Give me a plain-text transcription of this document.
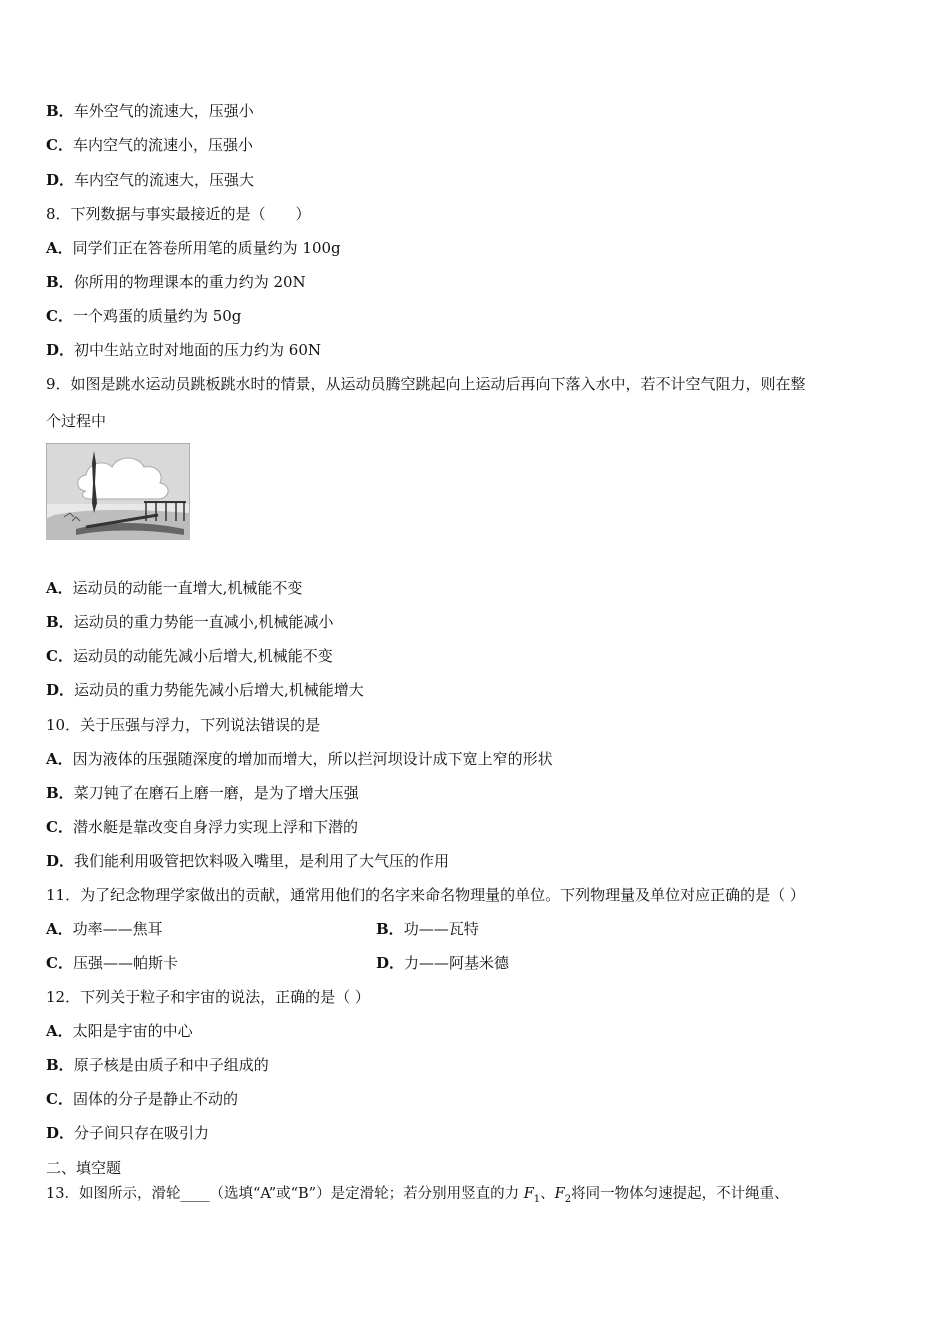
B．车外空气的流速大，压强小
C．车内空气的流速小，压强小
D．车内空气的流速大，压强大
8．下列数据与事实最接近的是（　　）
A．同学们正在答卷所用笔的质量约为 100g
B．你所用的物理课本的重力约为 20N
C．一个鸡蛋的质量约为 50g
D．初中生站立时对地面的压力约为 60N
9．如图是跳水运动员跳板跳水时的情景，从运动员腾空跳起向上运动后再向下落入水中，若不计空气阻力，则在整
个过程中
A．运动员的动能一直增大,机械能不变
B．运动员的重力势能一直减小,机械能减小
C．运动员的动能先减小后增大,机械能不变
D．运动员的重力势能先减小后增大,机械能增大
10．关于压强与浮力，下列说法错误的是
A．因为液体的压强随深度的增加而增大，所以拦河坝设计成下宽上窄的形状
B．菜刀钝了在磨石上磨一磨，是为了增大压强
C．潜水艇是靠改变自身浮力实现上浮和下潜的
D．我们能利用吸管把饮料吸入嘴里，是利用了大气压的作用
11．为了纪念物理学家做出的贡献，通常用他们的名字来命名物理量的单位。下列物理量及单位对应正确的是（ ）
A．功率——焦耳	B．功——瓦特
C．压强——帕斯卡	D．力——阿基米德
12．下列关于粒子和宇宙的说法，正确的是（ ）
A．太阳是宇宙的中心
B．原子核是由质子和中子组成的
C．固体的分子是静止不动的
D．分子间只存在吸引力
二、填空题
13．如图所示，滑轮____（选填“A”或“B”）是定滑轮；若分别用竖直的力 $F_1$、$F_2$将同一物体匀速提起，不计绳重、
